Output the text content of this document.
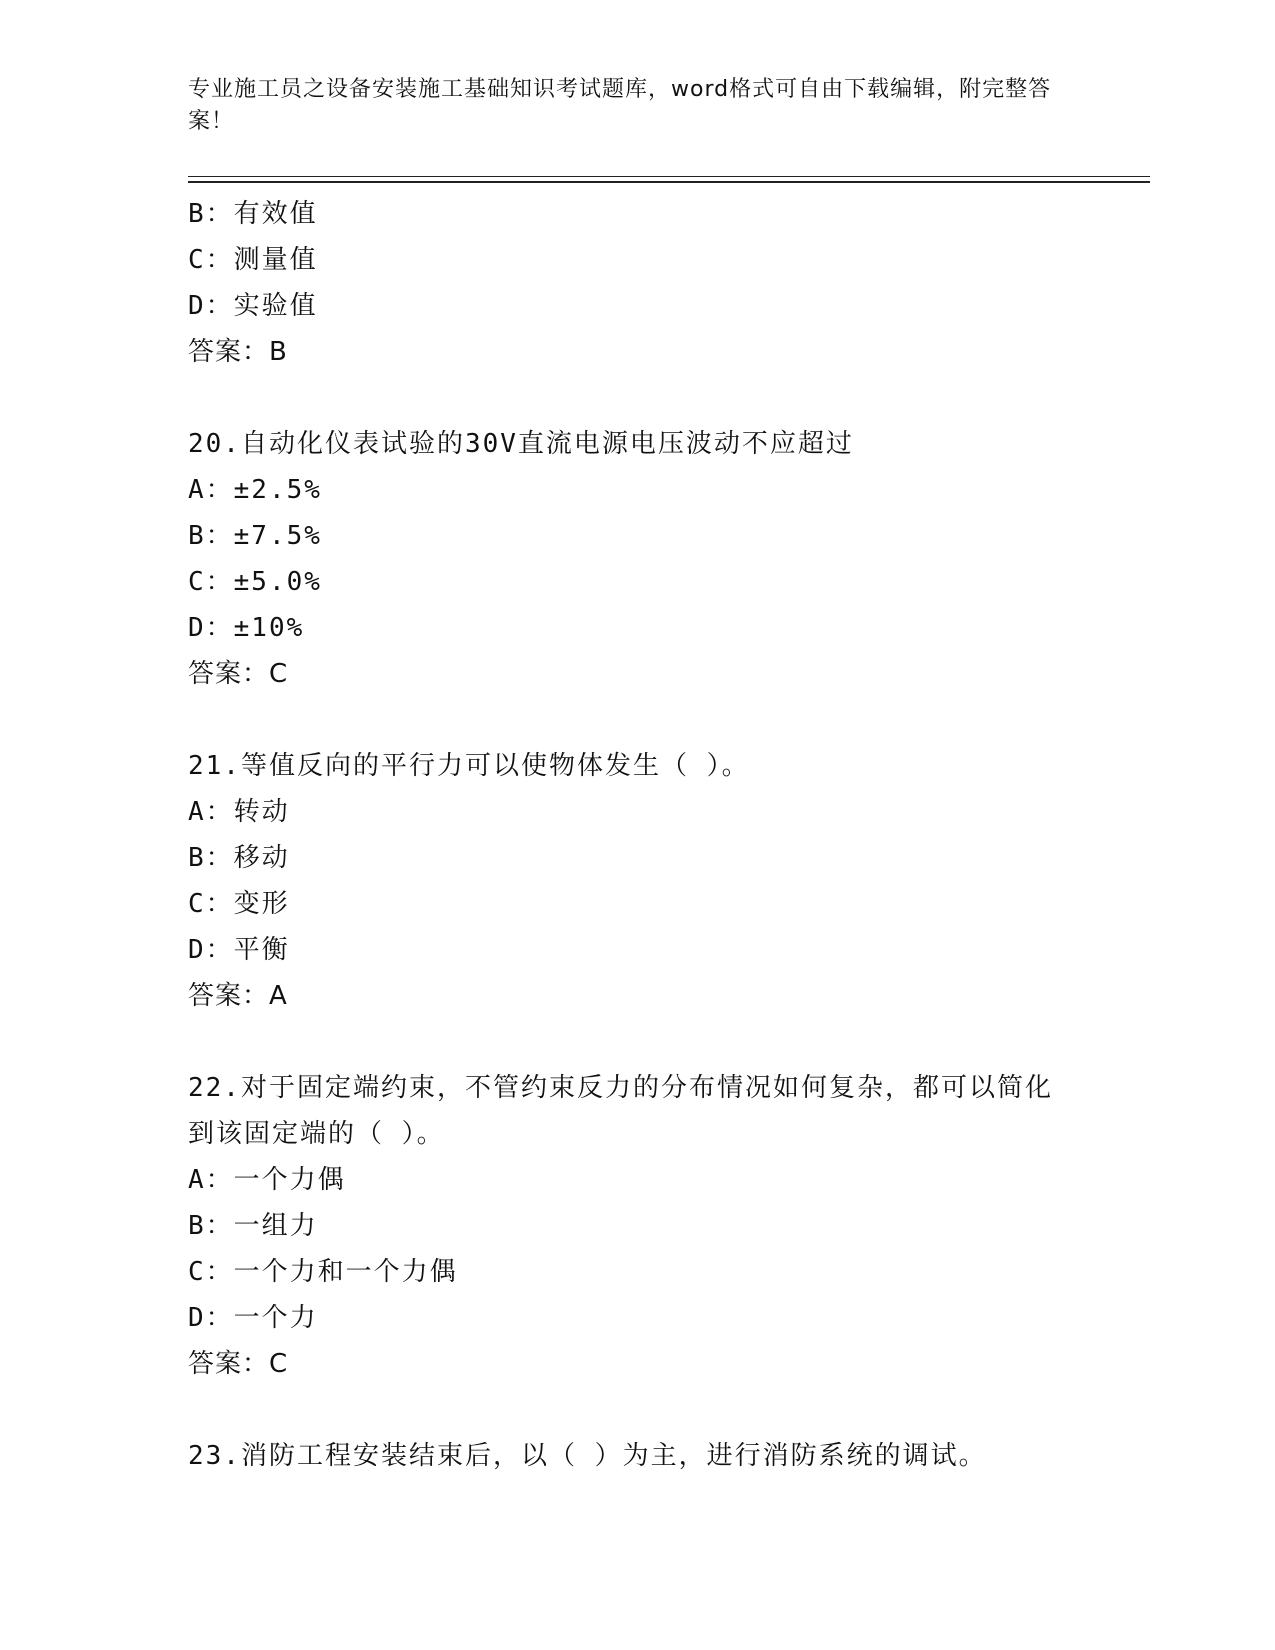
专业施工员之设备安装施工基础知识考试题库，word格式可自由下载编辑，附完整答案！
B：有效值
C：测量值
D：实验值
答案：B
20.自动化仪表试验的30V直流电源电压波动不应超过
A：±2.5%
B：±7.5%
C：±5.0%
D：±10%
答案：C
21.等值反向的平行力可以使物体发生（ ）。
A：转动
B：移动
C：变形
D：平衡
答案：A
22.对于固定端约束，不管约束反力的分布情况如何复杂，都可以简化
到该固定端的（ ）。
A：一个力偶
B：一组力
C：一个力和一个力偶
D：一个力
答案：C
23.消防工程安装结束后，以（ ）为主，进行消防系统的调试。
